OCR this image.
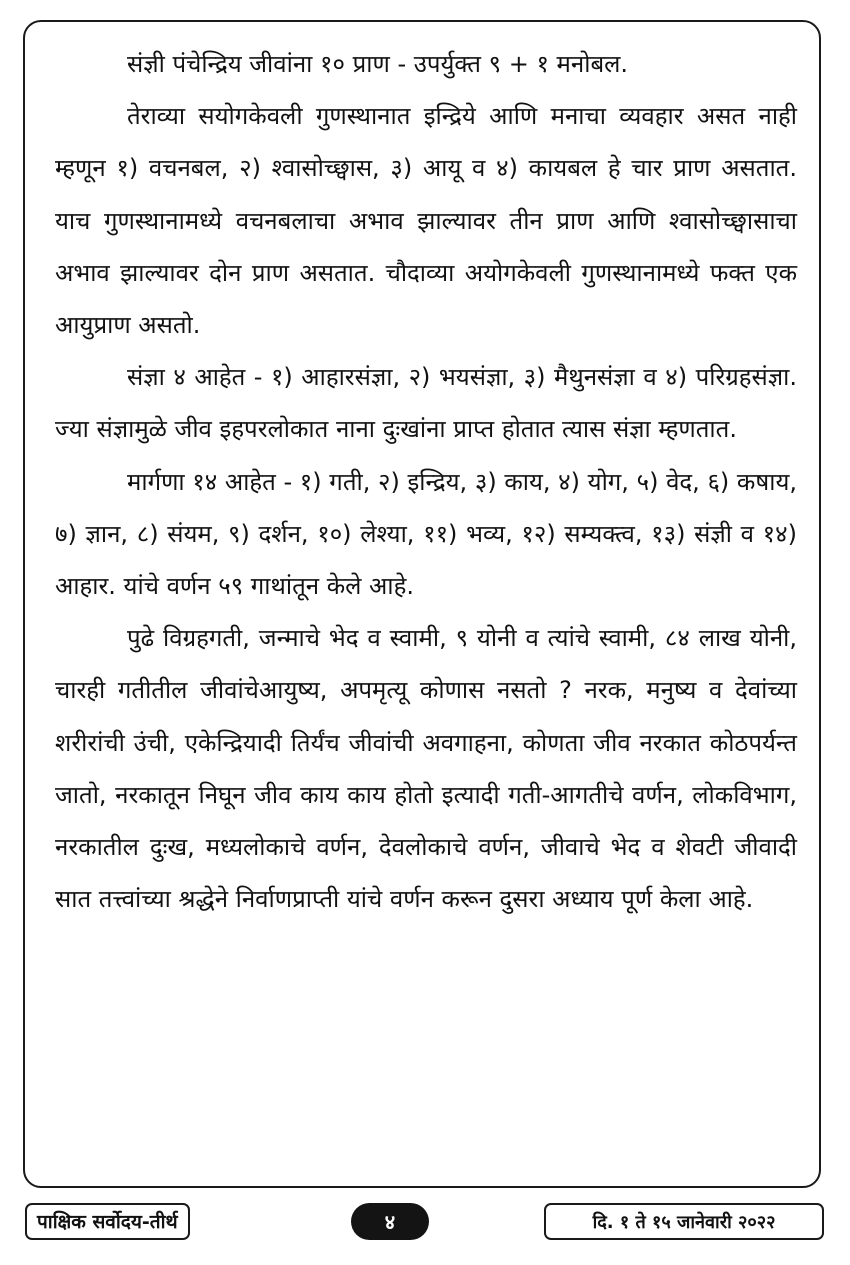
संज्ञी पंचेन्द्रिय जीवांना १० प्राण - उपर्युक्त ९ + १ मनोबल.

तेराव्या सयोगकेवली गुणस्थानात इन्द्रिये आणि मनाचा व्यवहार असत नाही म्हणून १) वचनबल, २) श्वासोच्छ्वास, ३) आयू व ४) कायबल हे चार प्राण असतात. याच गुणस्थानामध्ये वचनबलाचा अभाव झाल्यावर तीन प्राण आणि श्वासोच्छ्वासाचा अभाव झाल्यावर दोन प्राण असतात. चौदाव्या अयोगकेवली गुणस्थानामध्ये फक्त एक आयुप्राण असतो.

संज्ञा ४ आहेत - १) आहारसंज्ञा, २) भयसंज्ञा, ३) मैथुनसंज्ञा व ४) परिग्रहसंज्ञा. ज्या संज्ञामुळे जीव इहपरलोकात नाना दुःखांना प्राप्त होतात त्यास संज्ञा म्हणतात.

मार्गणा १४ आहेत - १) गती, २) इन्द्रिय, ३) काय, ४) योग, ५) वेद, ६) कषाय, ७) ज्ञान, ८) संयम, ९) दर्शन, १०) लेश्या, ११) भव्य, १२) सम्यक्त्व, १३) संज्ञी व १४) आहार. यांचे वर्णन ५९ गाथांतून केले आहे.

पुढे विग्रहगती, जन्माचे भेद व स्वामी, ९ योनी व त्यांचे स्वामी, ८४ लाख योनी, चारही गतीतील जीवांचेआयुष्य, अपमृत्यू कोणास नसतो ? नरक, मनुष्य व देवांच्या शरीरांची उंची, एकेन्द्रियादी तिर्यंच जीवांची अवगाहना, कोणता जीव नरकात कोठपर्यन्त जातो, नरकातून निघून जीव काय काय होतो इत्यादी गती-आगतीचे वर्णन, लोकविभाग, नरकातील दुःख, मध्यलोकाचे वर्णन, देवलोकाचे वर्णन, जीवाचे भेद व शेवटी जीवादी सात तत्त्वांच्या श्रद्धेने निर्वाणप्राप्ती यांचे वर्णन करून दुसरा अध्याय पूर्ण केला आहे.

पाक्षिक सर्वोदय-तीर्थ	४	दि. १ ते १५ जानेवारी २०२२
